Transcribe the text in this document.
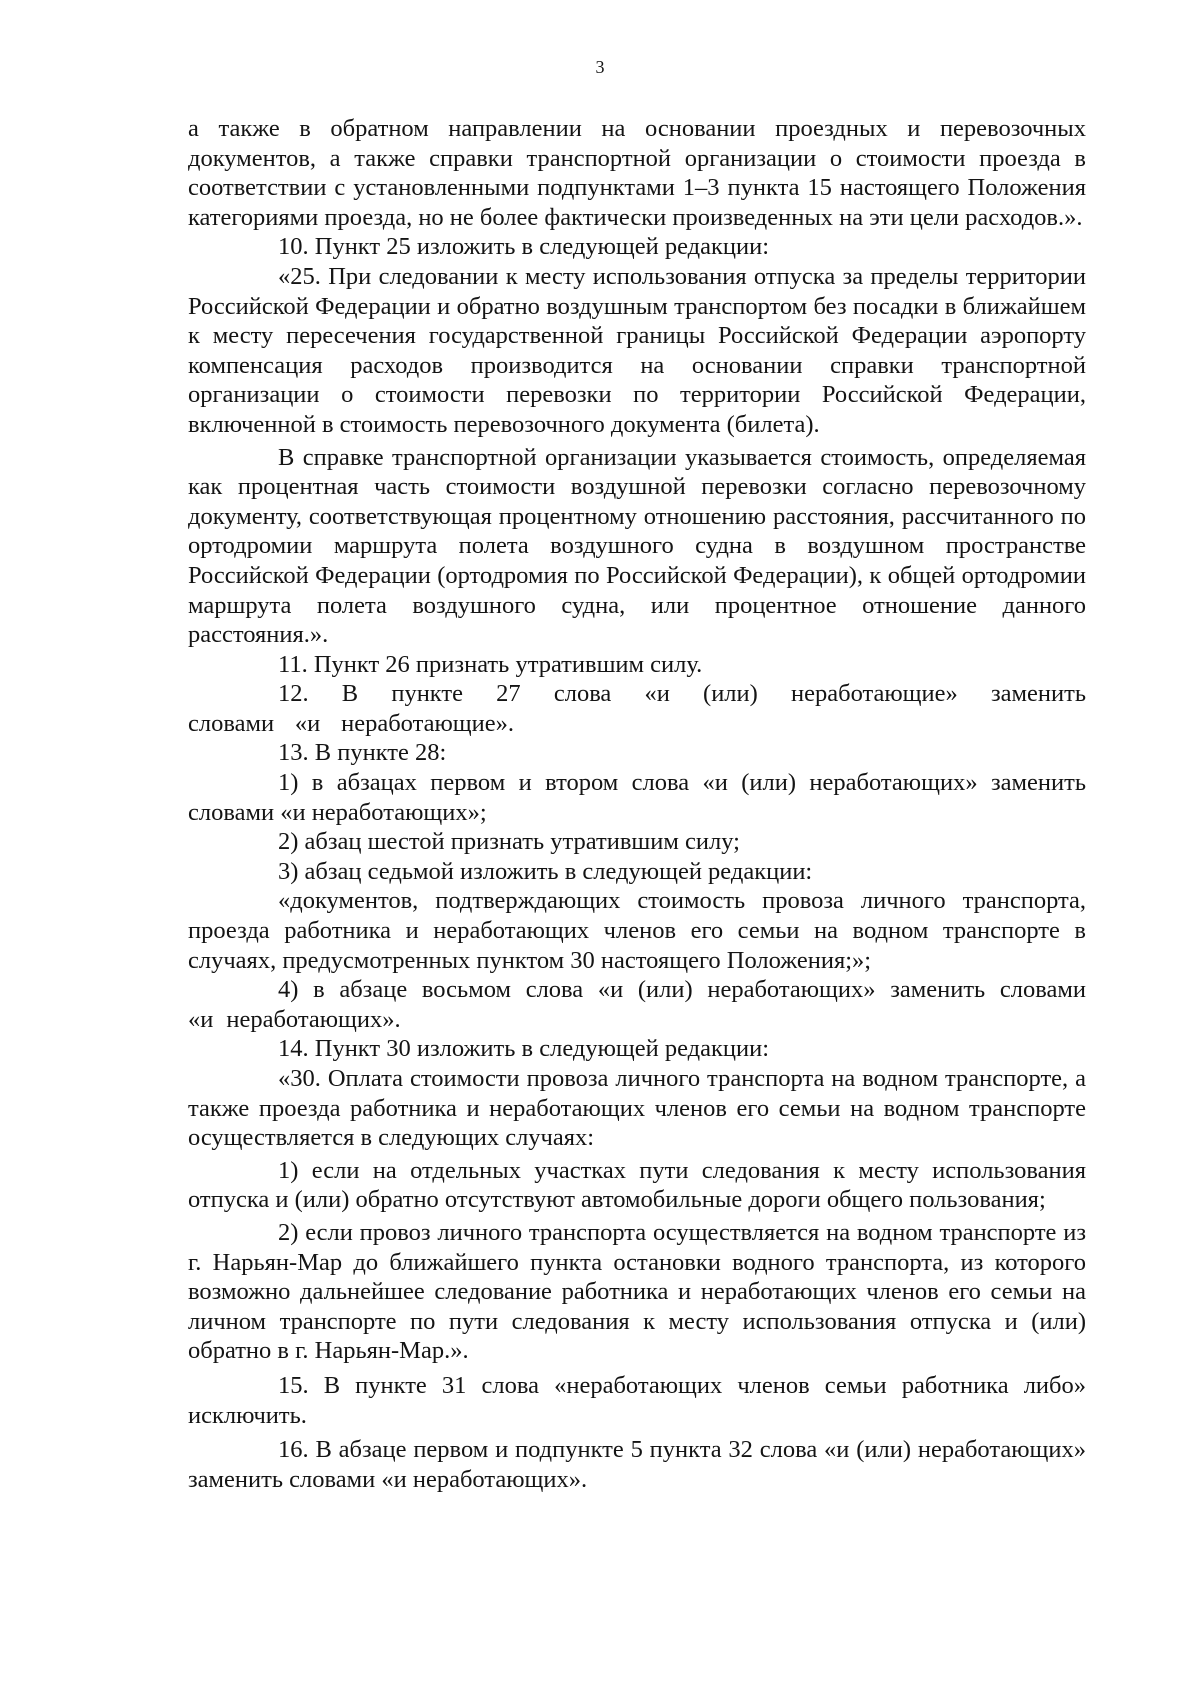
3

а также в обратном направлении на основании проездных и перевозочных документов, а также справки транспортной организации о стоимости проезда в соответствии с установленными подпунктами 1–3 пункта 15 настоящего Положения категориями проезда, но не более фактически произведенных на эти цели расходов.».

10. Пункт 25 изложить в следующей редакции:

«25. При следовании к месту использования отпуска за пределы территории Российской Федерации и обратно воздушным транспортом без посадки в ближайшем к месту пересечения государственной границы Российской Федерации аэропорту компенсация расходов производится на основании справки транспортной организации о стоимости перевозки по территории Российской Федерации, включенной в стоимость перевозочного документа (билета).

В справке транспортной организации указывается стоимость, определяемая как процентная часть стоимости воздушной перевозки согласно перевозочному документу, соответствующая процентному отношению расстояния, рассчитанного по ортодромии маршрута полета воздушного судна в воздушном пространстве Российской Федерации (ортодромия по Российской Федерации), к общей ортодромии маршрута полета воздушного судна, или процентное отношение данного расстояния.».

11. Пункт 26 признать утратившим силу.

12. В пункте 27 слова «и (или) неработающие» заменить словами «и неработающие».

13. В пункте 28:

1) в абзацах первом и втором слова «и (или) неработающих» заменить словами «и неработающих»;

2) абзац шестой признать утратившим силу;

3) абзац седьмой изложить в следующей редакции:

«документов, подтверждающих стоимость провоза личного транспорта, проезда работника и неработающих членов его семьи на водном транспорте в случаях, предусмотренных пунктом 30 настоящего Положения;»;

4) в абзаце восьмом слова «и (или) неработающих» заменить словами «и неработающих».

14. Пункт 30 изложить в следующей редакции:

«30. Оплата стоимости провоза личного транспорта на водном транспорте, а также проезда работника и неработающих членов его семьи на водном транспорте осуществляется в следующих случаях:

1) если на отдельных участках пути следования к месту использования отпуска и (или) обратно отсутствуют автомобильные дороги общего пользования;

2) если провоз личного транспорта осуществляется на водном транспорте из г. Нарьян-Мар до ближайшего пункта остановки водного транспорта, из которого возможно дальнейшее следование работника и неработающих членов его семьи на личном транспорте по пути следования к месту использования отпуска и (или) обратно в г. Нарьян-Мар.».

15. В пункте 31 слова «неработающих членов семьи работника либо» исключить.

16. В абзаце первом и подпункте 5 пункта 32 слова «и (или) неработающих» заменить словами «и неработающих».
